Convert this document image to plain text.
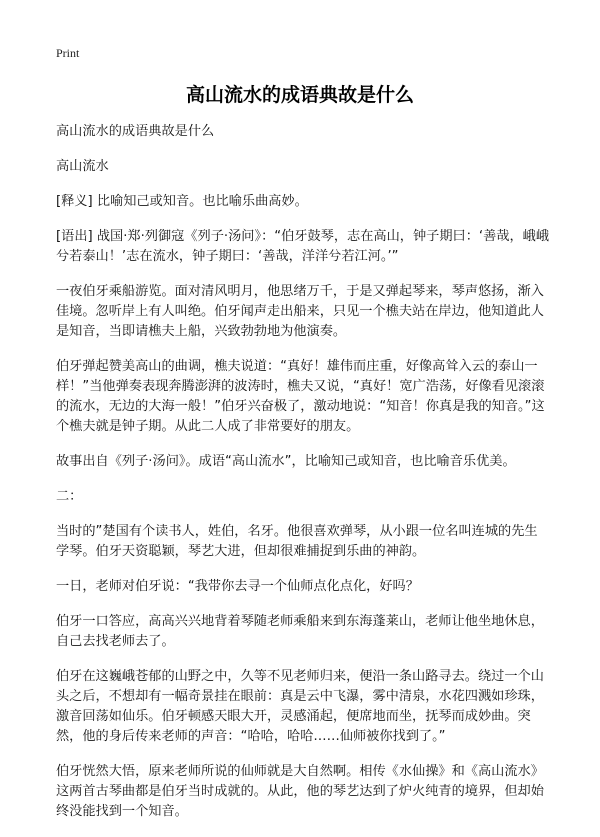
Print
高山流水的成语典故是什么

高山流水的成语典故是什么

高山流水

[释义] 比喻知己或知音。也比喻乐曲高妙。

[语出] 战国·郑·列御寇《列子·汤问》：“伯牙鼓琴，志在高山，钟子期曰：‘善哉，峨峨兮若泰山！’志在流水，钟子期曰：‘善哉，洋洋兮若江河。’”

一夜伯牙乘船游览。面对清风明月，他思绪万千，于是又弹起琴来，琴声悠扬，渐入佳境。忽听岸上有人叫绝。伯牙闻声走出船来，只见一个樵夫站在岸边，他知道此人是知音，当即请樵夫上船，兴致勃勃地为他演奏。

伯牙弹起赞美高山的曲调，樵夫说道：“真好！雄伟而庄重，好像高耸入云的泰山一样！”当他弹奏表现奔腾澎湃的波涛时，樵夫又说，“真好！宽广浩荡，好像看见滚滚的流水，无边的大海一般！”伯牙兴奋极了，激动地说：“知音！你真是我的知音。”这个樵夫就是钟子期。从此二人成了非常要好的朋友。

故事出自《列子·汤问》。成语“高山流水”，比喻知己或知音，也比喻音乐优美。

二：

当时的”楚国有个读书人，姓伯，名牙。他很喜欢弹琴，从小跟一位名叫连城的先生学琴。伯牙天资聪颖，琴艺大进，但却很难捕捉到乐曲的神韵。

一日，老师对伯牙说：“我带你去寻一个仙师点化点化，好吗？

伯牙一口答应，高高兴兴地背着琴随老师乘船来到东海蓬莱山，老师让他坐地休息，自己去找老师去了。

伯牙在这巍峨苍郁的山野之中，久等不见老师归来，便沿一条山路寻去。绕过一个山头之后，不想却有一幅奇景挂在眼前：真是云中飞瀑，雾中清泉，水花四溅如珍珠，激音回荡如仙乐。伯牙顿感天眼大开，灵感涌起，便席地而坐，抚琴而成妙曲。突然，他的身后传来老师的声音：“哈哈，哈哈……仙师被你找到了。”

伯牙恍然大悟，原来老师所说的仙师就是大自然啊。相传《水仙操》和《高山流水》这两首古琴曲都是伯牙当时成就的。从此，他的琴艺达到了炉火纯青的境界，但却始终没能找到一个知音。
